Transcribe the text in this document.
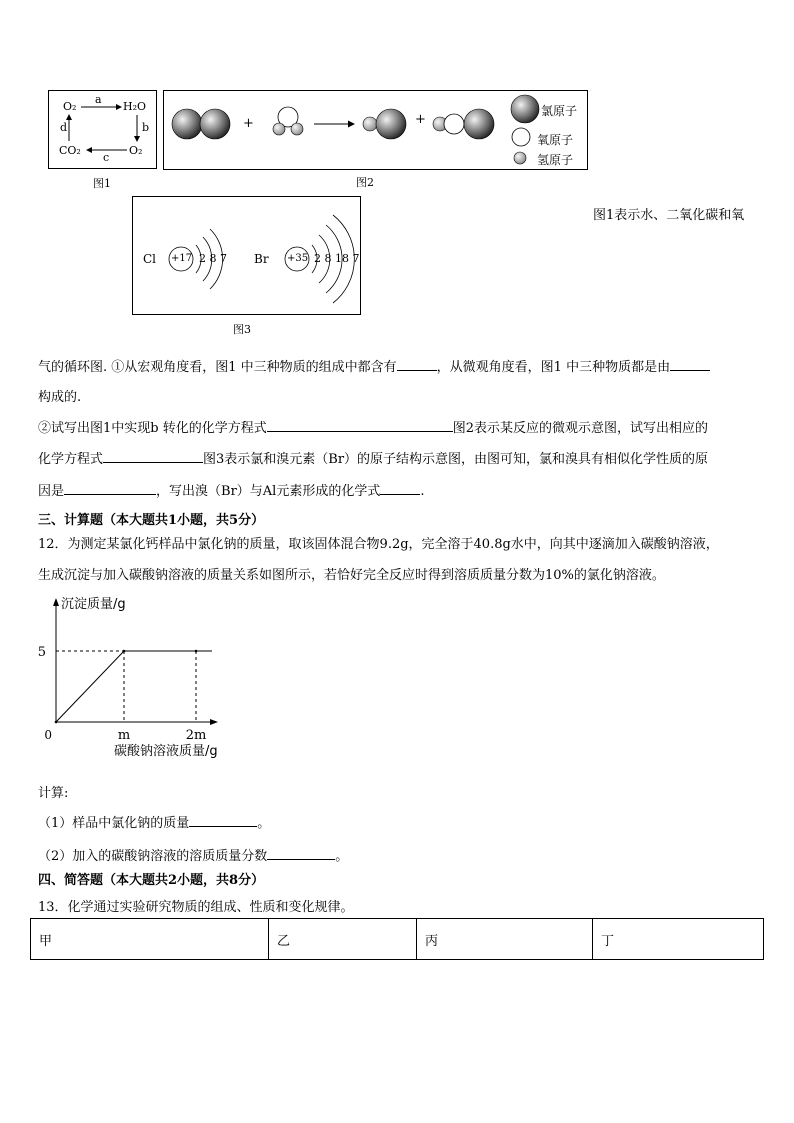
O₂	H₂O
CO₂	O₂
a
b
c
d
图1
+	+
氯原子
氧原子
氢原子
图2
Cl +17 2 8 7 Br +35 2 8 18 7
图3
图1表示水、二氧化碳和氧
气的循环图. ①从宏观角度看，图1 中三种物质的组成中都含有	，从微观角度看，图1 中三种物质都是由
构成的.
②试写出图1中实现b 转化的化学方程式	图2表示某反应的微观示意图，试写出相应的
化学方程式	图3表示氯和溴元素（Br）的原子结构示意图，由图可知，氯和溴具有相似化学性质的原
因是	，写出溴（Br）与Al元素形成的化学式	.
三、计算题（本大题共1小题，共5分）
12．为测定某氯化钙样品中氯化钠的质量，取该固体混合物9.2g，完全溶于40.8g水中，向其中逐滴加入碳酸钠溶液，
生成沉淀与加入碳酸钠溶液的质量关系如图所示，若恰好完全反应时得到溶质质量分数为10%的氯化钠溶液。
沉淀质量/g
5
0	m	2m
碳酸钠溶液质量/g
计算:
（1）样品中氯化钠的质量	。
（2）加入的碳酸钠溶液的溶质质量分数	。
四、简答题（本大题共2小题，共8分）
13．化学通过实验研究物质的组成、性质和变化规律。
甲	乙	丙	丁
